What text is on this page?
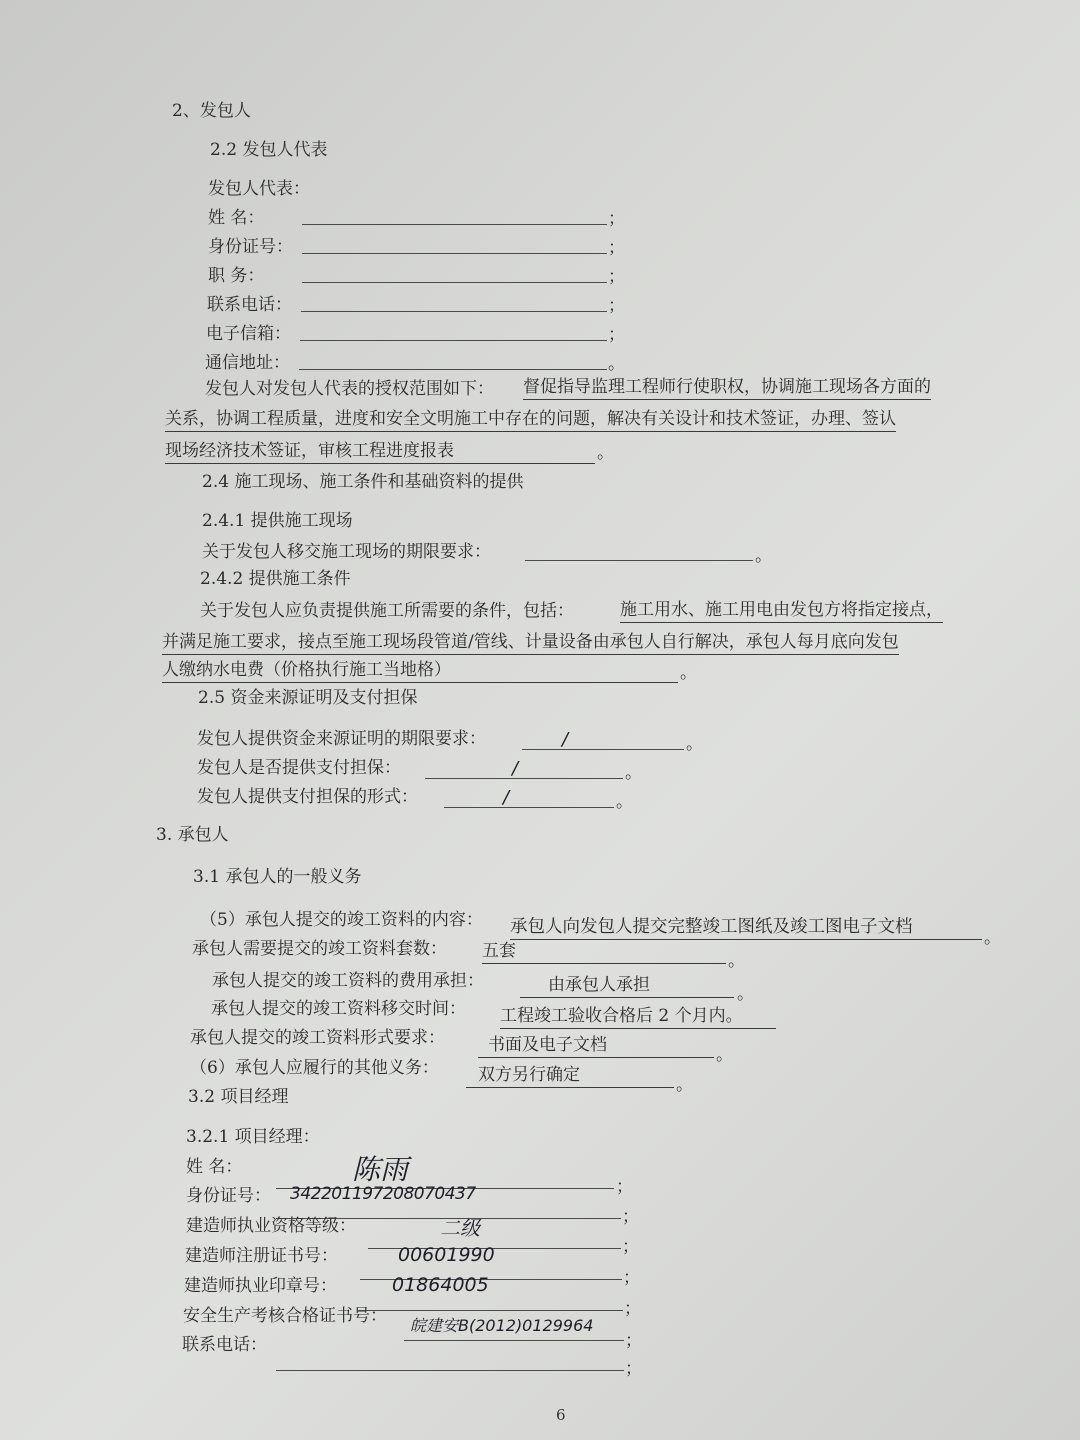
2、发包人
2.2 发包人代表
发包人代表：
姓 名：	；
身份证号：	；
职 务：	；
联系电话：	；
电子信箱：	；
通信地址：	。
发包人对发包人代表的授权范围如下： 督促指导监理工程师行使职权，协调施工现场各方面的
关系，协调工程质量，进度和安全文明施工中存在的问题，解决有关设计和技术签证，办理、签认
现场经济技术签证，审核工程进度报表	。
2.4 施工现场、施工条件和基础资料的提供
2.4.1 提供施工现场
关于发包人移交施工现场的期限要求：	。
2.4.2 提供施工条件
关于发包人应负责提供施工所需要的条件，包括：	施工用水、施工用电由发包方将指定接点，
并满足施工要求，接点至施工现场段管道/管线、计量设备由承包人自行解决，承包人每月底向发包
人缴纳水电费（价格执行施工当地格）	。
2.5 资金来源证明及支付担保
发包人提供资金来源证明的期限要求：	/	。
发包人是否提供支付担保：	/	。
发包人提供支付担保的形式：	/	。
3. 承包人
3.1 承包人的一般义务
（5）承包人提交的竣工资料的内容： 承包人向发包人提交完整竣工图纸及竣工图电子文档
。
承包人需要提交的竣工资料套数： 五套	。
承包人提交的竣工资料的费用承担：	由承包人承担	。
承包人提交的竣工资料移交时间： 工程竣工验收合格后 2 个月内。
承包人提交的竣工资料形式要求：	书面及电子文档	。
（6）承包人应履行的其他义务：	双方另行确定	。
3.2 项目经理
3.2.1 项目经理：
姓 名：	陈雨
；
身份证号： 342201197208070437
；
建造师执业资格等级：	二级
；
建造师注册证书号：	00601990
；
建造师执业印章号：	01864005
；
安全生产考核合格证书号： 皖建安B(2012)0129964
；
联系电话：
；
6
